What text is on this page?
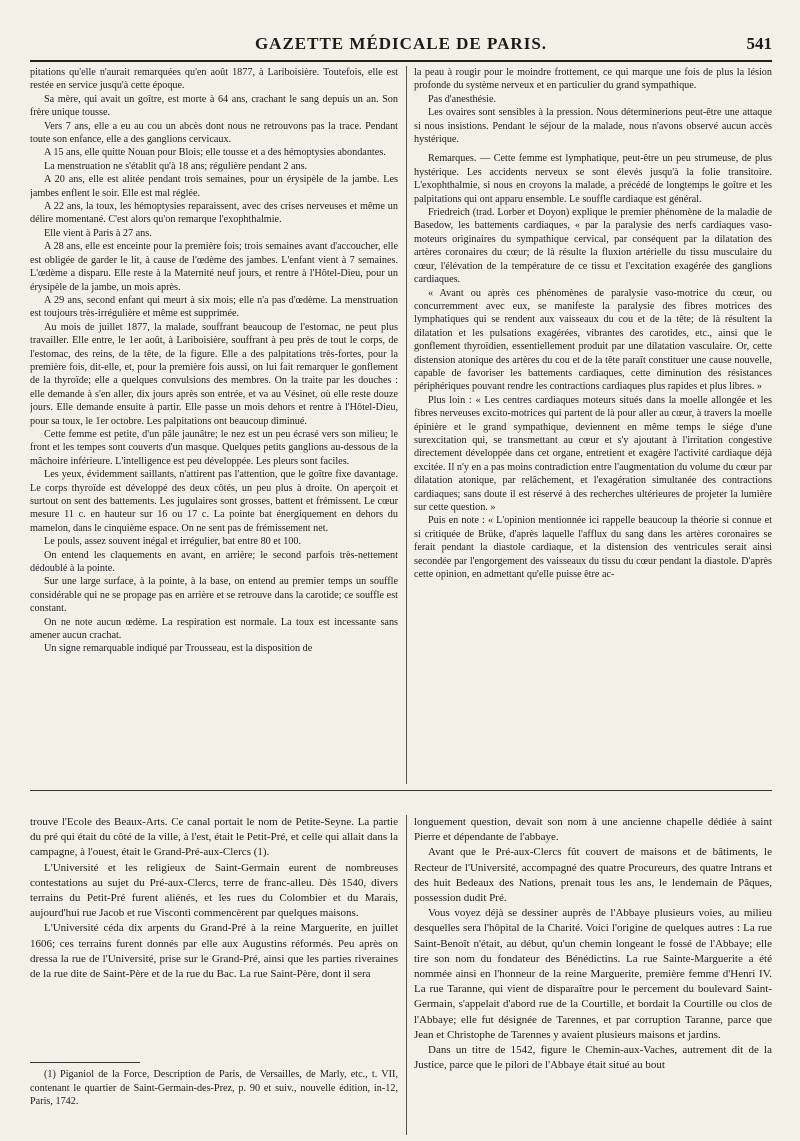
GAZETTE MÉDICALE DE PARIS.	541

pitations qu'elle n'aurait remarquées qu'en août 1877, à Lariboisière. Toutefois, elle est restée en service jusqu'à cette époque.

Sa mère, qui avait un goître, est morte à 64 ans, crachant le sang depuis un an. Son frère unique tousse.

Vers 7 ans, elle a eu au cou un abcès dont nous ne retrouvons pas la trace. Pendant toute son enfance, elle a des ganglions cervicaux.

A 15 ans, elle quitte Nouan pour Blois; elle tousse et a des hémoptysies abondantes.

La menstruation ne s'établit qu'à 18 ans; régulière pendant 2 ans.

A 20 ans, elle est alitée pendant trois semaines, pour un érysipèle de la jambe. Les jambes enflent le soir. Elle est mal réglée.

A 22 ans, la toux, les hémoptysies reparaissent, avec des crises nerveuses et même un délire momentané. C'est alors qu'on remarque l'exophthalmie.

Elle vient à Paris à 27 ans.

A 28 ans, elle est enceinte pour la première fois; trois semaines avant d'accoucher, elle est obligée de garder le lit, à cause de l'œdème des jambes. L'enfant vient à 7 semaines. L'œdème a disparu. Elle reste à la Maternité neuf jours, et rentre à l'Hôtel-Dieu, pour un érysipèle de la jambe, un mois après.

A 29 ans, second enfant qui meurt à six mois; elle n'a pas d'œdème. La menstruation est toujours très-irrégulière et même est supprimée.

Au mois de juillet 1877, la malade, souffrant beaucoup de l'estomac, ne peut plus travailler. Elle entre, le 1er août, à Lariboisière, souffrant à peu près de tout le corps, de l'estomac, des reins, de la tête, de la figure. Elle a des palpitations très-fortes, pour la première fois, dit-elle, et, pour la première fois aussi, on lui fait remarquer le gonflement de la thyroïde; elle a quelques convulsions des membres. On la traite par les douches : elle demande à s'en aller, dix jours après son entrée, et va au Vésinet, où elle reste douze jours. Elle demande ensuite à partir. Elle passe un mois dehors et rentre à l'Hôtel-Dieu, pour sa toux, le 1er octobre. Les palpitations ont beaucoup diminué.

Cette femme est petite, d'un pâle jaunâtre; le nez est un peu écrasé vers son milieu; le front et les tempes sont couverts d'un masque. Quelques petits ganglions au-dessous de la mâchoire inférieure. L'intelligence est peu développée. Les pleurs sont faciles.

Les yeux, évidemment saillants, n'attirent pas l'attention, que le goître fixe davantage. Le corps thyroïde est développé des deux côtés, un peu plus à droite. On aperçoit et surtout on sent des battements. Les jugulaires sont grosses, battent et frémissent. Le cœur mesure 11 c. en hauteur sur 16 ou 17 c. La pointe bat énergiquement en dehors du mamelon, dans le cinquième espace. On ne sent pas de frémissement net.

Le pouls, assez souvent inégal et irrégulier, bat entre 80 et 100.

On entend les claquements en avant, en arrière; le second parfois très-nettement dédoublé à la pointe.

Sur une large surface, à la pointe, à la base, on entend au premier temps un souffle considérable qui ne se propage pas en arrière et se retrouve dans la carotide; ce souffle est constant.

On ne note aucun œdème. La respiration est normale. La toux est incessante sans amener aucun crachat.

Un signe remarquable indiqué par Trousseau, est la disposition de

la peau à rougir pour le moindre frottement, ce qui marque une fois de plus la lésion profonde du système nerveux et en particulier du grand sympathique.

Pas d'anesthésie.

Les ovaires sont sensibles à la pression. Nous déterminerions peut-être une attaque si nous insistions. Pendant le séjour de la malade, nous n'avons observé aucun accès hystérique.

Remarques. — Cette femme est lymphatique, peut-être un peu strumeuse, de plus hystérique. Les accidents nerveux se sont élevés jusqu'à la folie transitoire. L'exophthalmie, si nous en croyons la malade, a précédé de longtemps le goître et les palpitations qui ont apparu ensemble. Le souffle cardiaque est général.

Friedreich (trad. Lorber et Doyon) explique le premier phénomène de la maladie de Basedow, les battements cardiaques, « par la paralysie des nerfs cardiaques vaso-moteurs originaires du sympathique cervical, par conséquent par la dilatation des artères coronaires du cœur; de là résulte la fluxion artérielle du tissu musculaire du cœur, l'élévation de la température de ce tissu et l'excitation exagérée des ganglions cardiaques.

« Avant ou après ces phénomènes de paralysie vaso-motrice du cœur, ou concurremment avec eux, se manifeste la paralysie des fibres motrices des lymphatiques qui se rendent aux vaisseaux du cou et de la tête; de là résultent la dilatation et les pulsations exagérées, vibrantes des carotides, etc., ainsi que le gonflement thyroïdien, essentiellement produit par une dilatation vasculaire. Or, cette distension atonique des artères du cou et de la tête paraît constituer une cause nouvelle, capable de favoriser les battements cardiaques, cette diminution des résistances périphériques pouvant rendre les contractions cardiaques plus rapides et plus libres. »

Plus loin : « Les centres cardiaques moteurs situés dans la moelle allongée et les fibres nerveuses excito-motrices qui partent de là pour aller au cœur, à travers la moelle épinière et le grand sympathique, deviennent en même temps le siége d'une surexcitation qui, se transmettant au cœur et s'y ajoutant à l'irritation congestive directement développée dans cet organe, entretient et exagère l'activité cardiaque déjà excitée. Il n'y en a pas moins contradiction entre l'augmentation du volume du cœur par dilatation atonique, par relâchement, et l'exagération simultanée des contractions cardiaques; sans doute il est réservé à des recherches ultérieures de projeter la lumière sur cette question. »

Puis en note : « L'opinion mentionnée ici rappelle beaucoup la théorie si connue et si critiquée de Brüke, d'après laquelle l'afflux du sang dans les artères coronaires se ferait pendant la diastole cardiaque, et la distension des ventricules serait ainsi secondée par l'engorgement des vaisseaux du tissu du cœur pendant la diastole. D'après cette opinion, en admettant qu'elle puisse être ac-

trouve l'Ecole des Beaux-Arts. Ce canal portait le nom de Petite-Seyne. La partie du pré qui était du côté de la ville, à l'est, était le Petit-Pré, et celle qui allait dans la campagne, à l'ouest, était le Grand-Pré-aux-Clercs (1).

L'Université et les religieux de Saint-Germain eurent de nombreuses contestations au sujet du Pré-aux-Clercs, terre de franc-alleu. Dès 1540, divers terrains du Petit-Pré furent aliénés, et les rues du Colombier et du Marais, aujourd'hui rue Jacob et rue Visconti commencèrent par quelques maisons.

L'Université céda dix arpents du Grand-Pré à la reine Marguerite, en juillet 1606; ces terrains furent donnés par elle aux Augustins réformés. Peu après on dressa la rue de l'Université, prise sur le Grand-Pré, ainsi que les parties riveraines de la rue dite de Saint-Père et de la rue du Bac. La rue Saint-Père, dont il sera

(1) Piganiol de la Force, Description de Paris, de Versailles, de Marly, etc., t. VII, contenant le quartier de Saint-Germain-des-Prez, p. 90 et suiv., nouvelle édition, in-12, Paris, 1742.

longuement question, devait son nom à une ancienne chapelle dédiée à saint Pierre et dépendante de l'abbaye.

Avant que le Pré-aux-Clercs fût couvert de maisons et de bâtiments, le Recteur de l'Université, accompagné des quatre Procureurs, des quatre Intrans et des huit Bedeaux des Nations, prenait tous les ans, le lendemain de Pâques, possession dudit Pré.

Vous voyez déjà se dessiner auprès de l'Abbaye plusieurs voies, au milieu desquelles sera l'hôpital de la Charité. Voici l'origine de quelques autres : La rue Saint-Benoît n'était, au début, qu'un chemin longeant le fossé de l'Abbaye; elle tire son nom du fondateur des Bénédictins. La rue Sainte-Marguerite a été nommée ainsi en l'honneur de la reine Marguerite, première femme d'Henri IV. La rue Taranne, qui vient de disparaître pour le percement du boulevard Saint-Germain, s'appelait d'abord rue de la Courtille, et bordait la Courtille ou clos de l'Abbaye; elle fut désignée de Tarennes, et par corruption Taranne, parce que Jean et Christophe de Tarennes y avaient plusieurs maisons et jardins.

Dans un titre de 1542, figure le Chemin-aux-Vaches, autrement dit de la Justice, parce que le pilori de l'Abbaye était situé au bout
